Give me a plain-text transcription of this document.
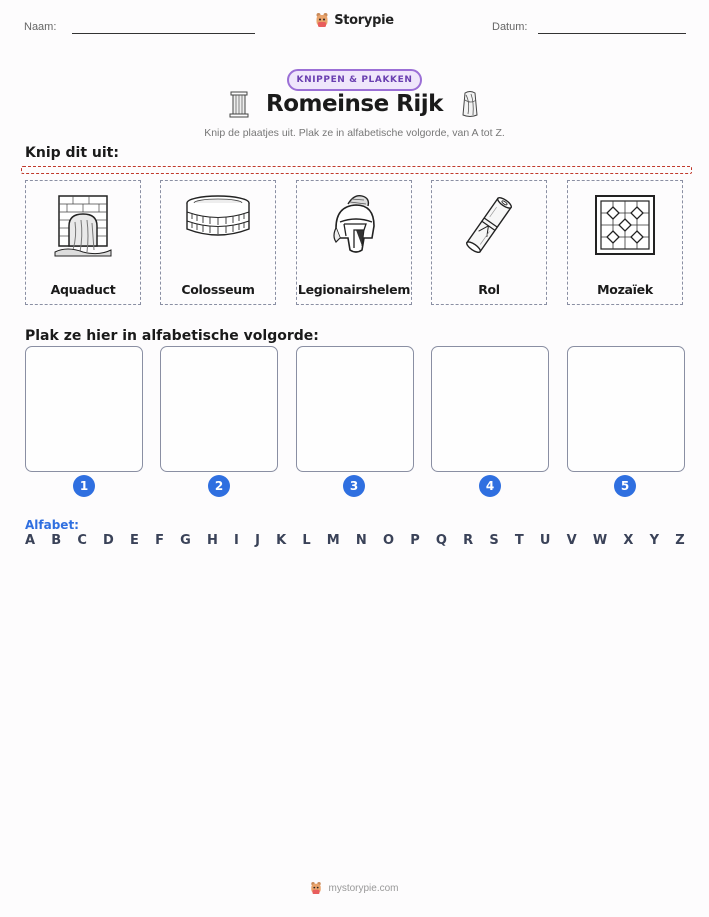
Naam:	Datum:
Storypie
KNIPPEN & PLAKKEN
Romeinse Rijk
Knip de plaatjes uit. Plak ze in alfabetische volgorde, van A tot Z.
Knip dit uit:
Aquaduct	Colosseum	Legionairshelem	Rol	Mozaïek
Plak ze hier in alfabetische volgorde:
1	2	3	4	5
Alfabet:
A B C D E F G H I J K L M N O P Q R S T U V W X Y Z
mystorypie.com
